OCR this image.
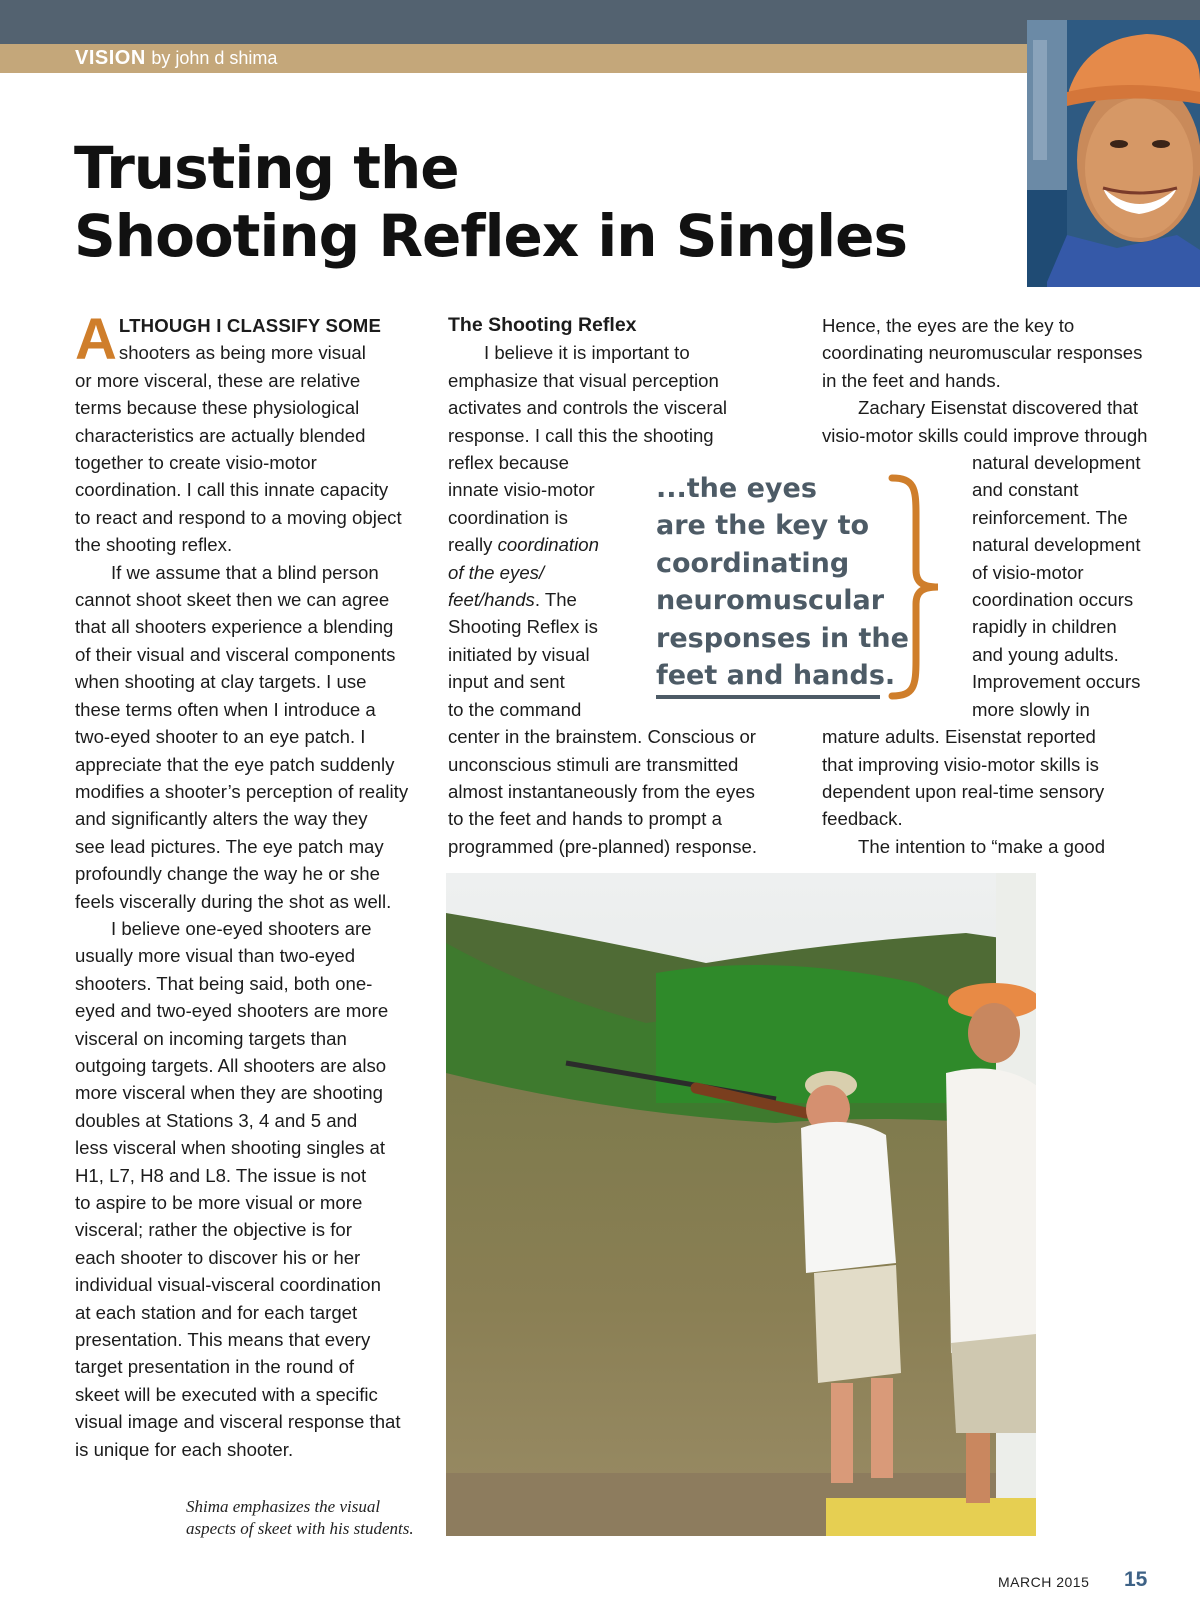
VISION by john d shima
Trusting the
Shooting Reflex in Singles

ALTHOUGH I CLASSIFY SOME

shooters as being more visual

or more visceral, these are relative

terms because these physiological

characteristics are actually blended

together to create visio-motor

coordination. I call this innate capacity

to react and respond to a moving object

the shooting reflex.

If we assume that a blind person

cannot shoot skeet then we can agree

that all shooters experience a blending

of their visual and visceral components

when shooting at clay targets. I use

these terms often when I introduce a

two-eyed shooter to an eye patch. I

appreciate that the eye patch suddenly

modifies a shooter’s perception of reality

and significantly alters the way they

see lead pictures. The eye patch may

profoundly change the way he or she

feels viscerally during the shot as well.

I believe one-eyed shooters are

usually more visual than two-eyed

shooters. That being said, both one-

eyed and two-eyed shooters are more

visceral on incoming targets than

outgoing targets. All shooters are also

more visceral when they are shooting

doubles at Stations 3, 4 and 5 and

less visceral when shooting singles at

H1, L7, H8 and L8. The issue is not

to aspire to be more visual or more

visceral; rather the objective is for

each shooter to discover his or her

individual visual-visceral coordination

at each station and for each target

presentation. This means that every

target presentation in the round of

skeet will be executed with a specific

visual image and visceral response that

is unique for each shooter.

The Shooting Reflex

I believe it is important to

emphasize that visual perception

activates and controls the visceral

response. I call this the shooting

reflex because

innate visio-motor

coordination is

really coordination

of the eyes/

feet/hands. The

Shooting Reflex is

initiated by visual

input and sent

to the command

center in the brainstem. Conscious or

unconscious stimuli are transmitted

almost instantaneously from the eyes

to the feet and hands to prompt a

programmed (pre-planned) response.

...the eyes
are the key to
coordinating
neuromuscular
responses in the
feet and hands.

Hence, the eyes are the key to

coordinating neuromuscular responses

in the feet and hands.

Zachary Eisenstat discovered that

visio-motor skills could improve through

natural development

and constant

reinforcement. The

natural development

of visio-motor

coordination occurs

rapidly in children

and young adults.

Improvement occurs

more slowly in

mature adults. Eisenstat reported

that improving visio-motor skills is

dependent upon real-time sensory

feedback.

The intention to “make a good

Shima emphasizes the visual
aspects of skeet with his students.
MARCH 2015 15
